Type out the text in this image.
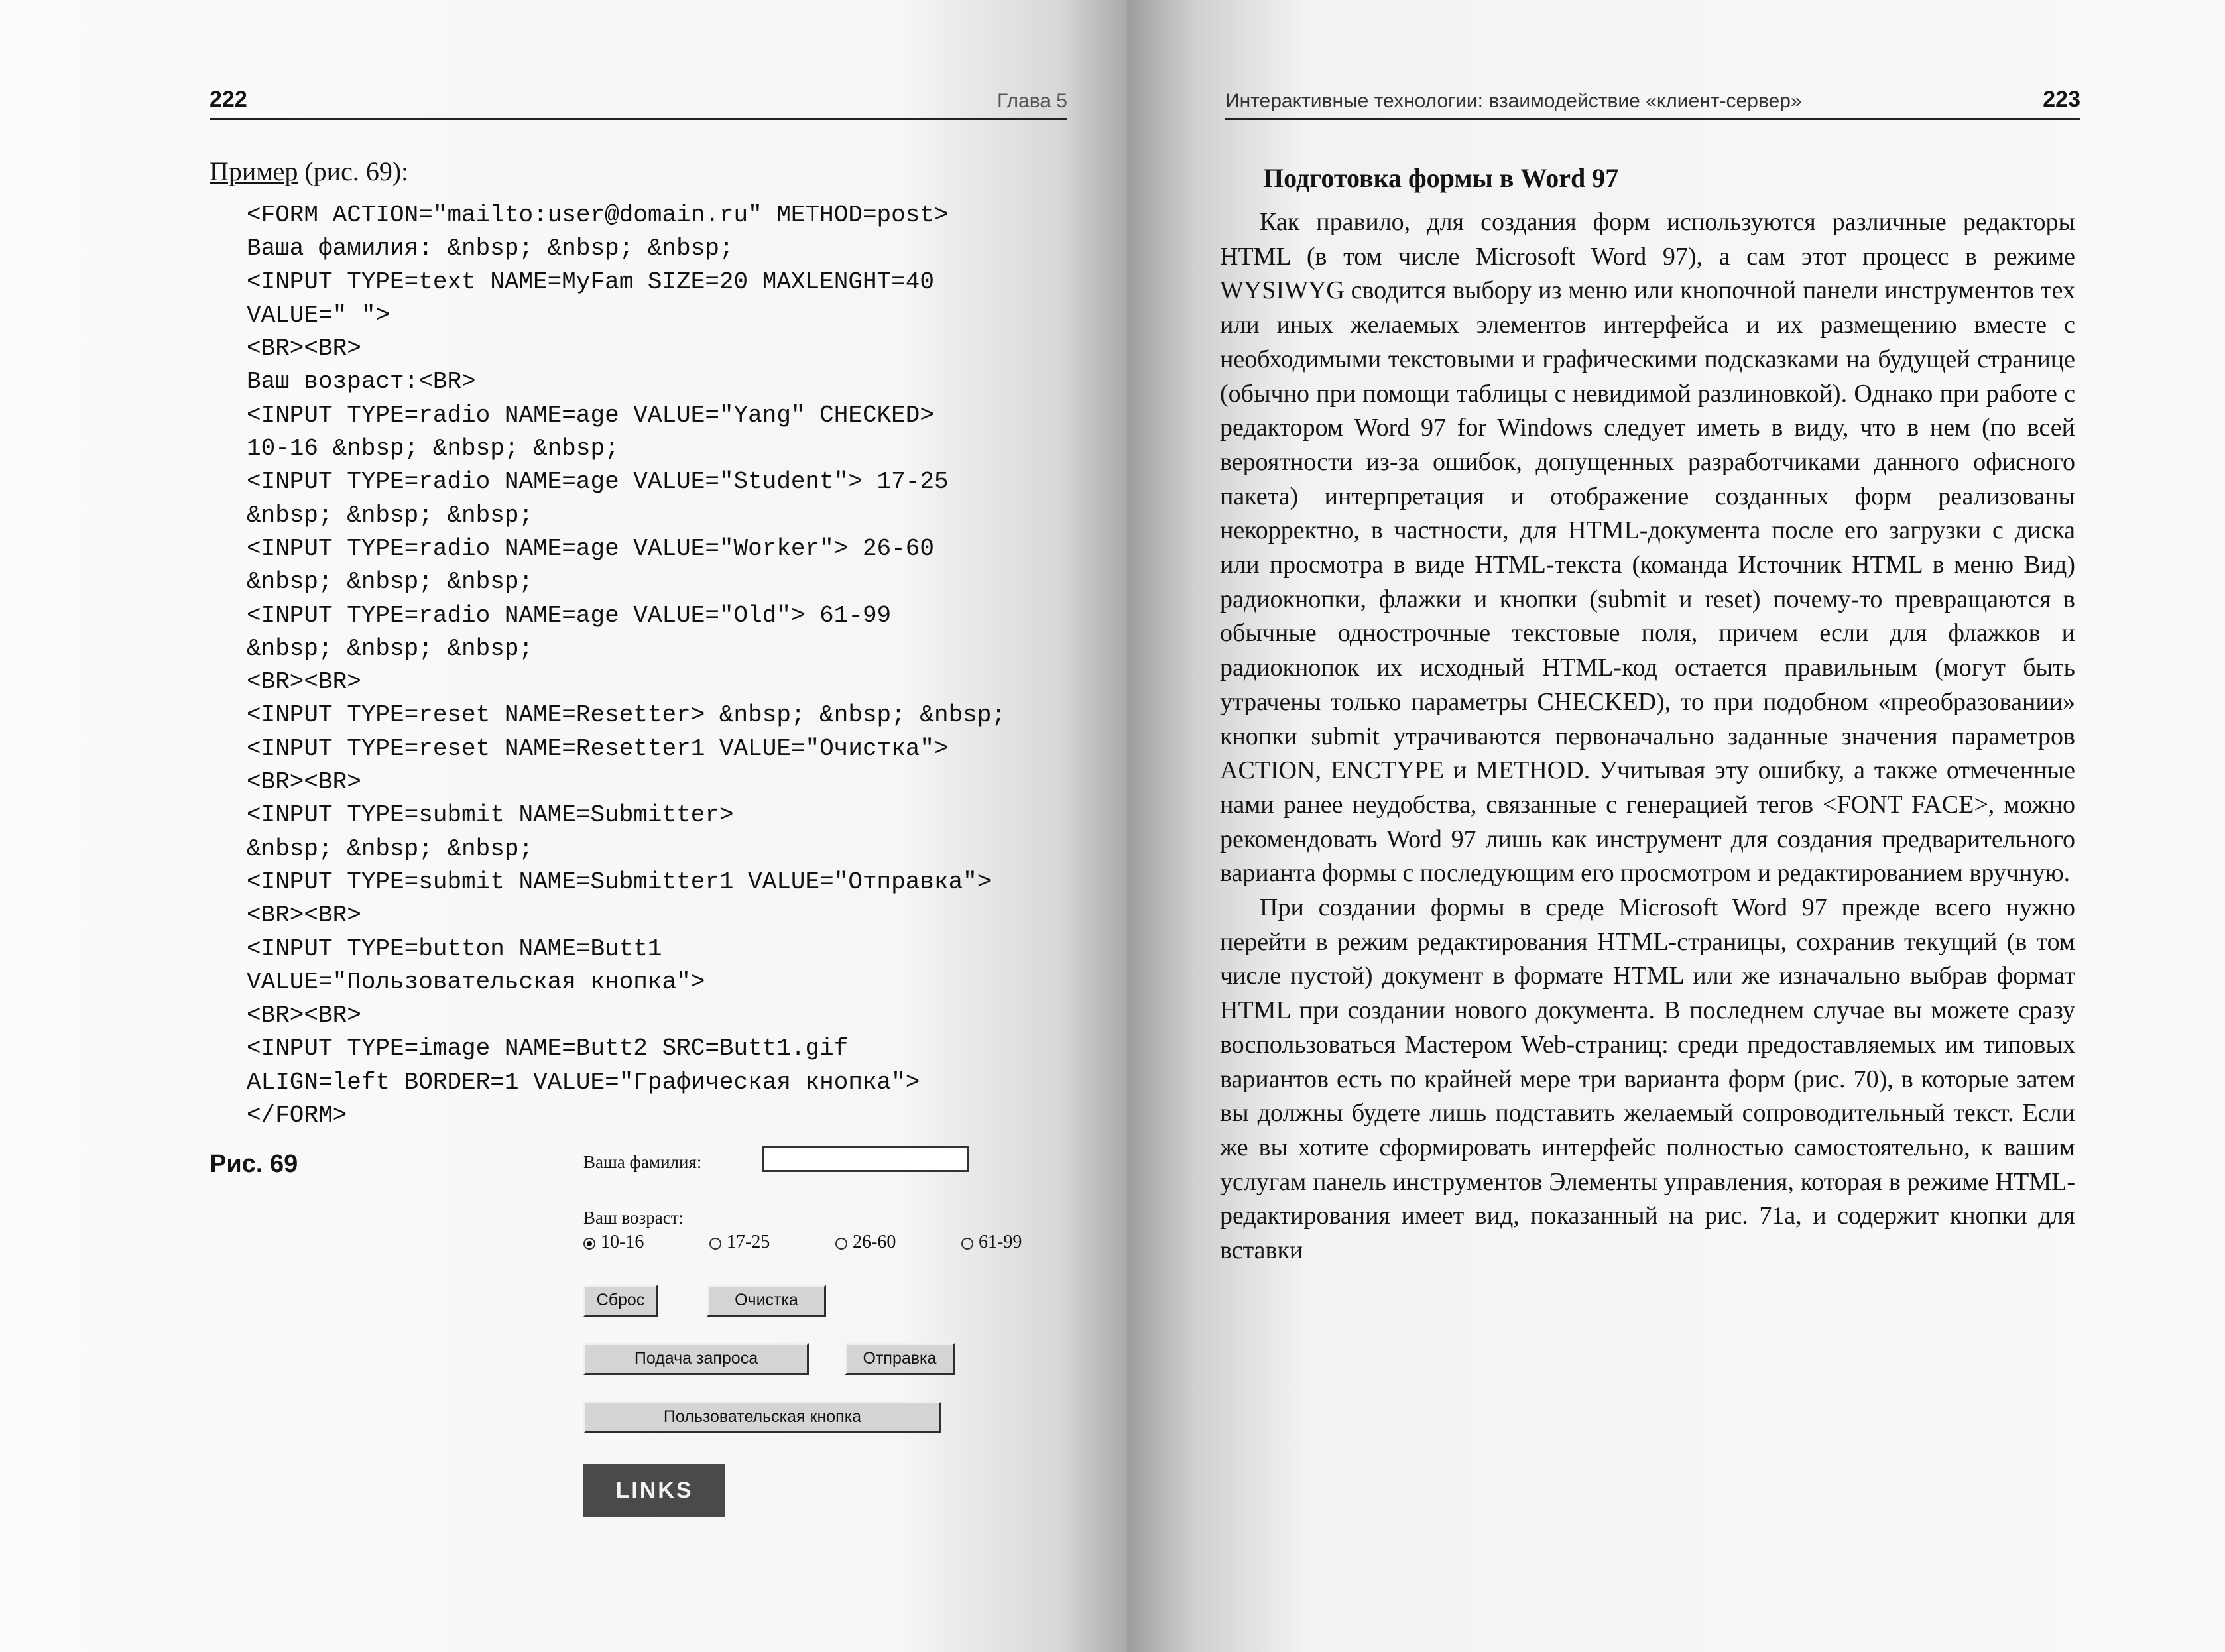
222	Глава 5
Пример (рис. 69):
<FORM ACTION="mailto:user@domain.ru" METHOD=post>
Ваша фамилия: &nbsp; &nbsp; &nbsp;
<INPUT TYPE=text NAME=MyFam SIZE=20 MAXLENGHT=40
VALUE=" ">
<BR><BR>
Ваш возраст:<BR>
<INPUT TYPE=radio NAME=age VALUE="Yang" CHECKED>
10-16 &nbsp; &nbsp; &nbsp;
<INPUT TYPE=radio NAME=age VALUE="Student"> 17-25
&nbsp; &nbsp; &nbsp;
<INPUT TYPE=radio NAME=age VALUE="Worker"> 26-60
&nbsp; &nbsp; &nbsp;
<INPUT TYPE=radio NAME=age VALUE="Old"> 61-99
&nbsp; &nbsp; &nbsp;
<BR><BR>
<INPUT TYPE=reset NAME=Resetter> &nbsp; &nbsp; &nbsp;
<INPUT TYPE=reset NAME=Resetter1 VALUE="Очистка">
<BR><BR>
<INPUT TYPE=submit NAME=Submitter>
&nbsp; &nbsp; &nbsp;
<INPUT TYPE=submit NAME=Submitter1 VALUE="Отправка">
<BR><BR>
<INPUT TYPE=button NAME=Butt1
VALUE="Пользовательская кнопка">
<BR><BR>
<INPUT TYPE=image NAME=Butt2 SRC=Butt1.gif
ALIGN=left BORDER=1 VALUE="Графическая кнопка">
</FORM>
Рис. 69	Ваша фамилия:
Ваш возраст:
10-16	17-25	26-60	61-99
Сброс	Очистка
Подача запроса	Отправка
Пользовательская кнопка
LINKS
Интерактивные технологии: взаимодействие «клиент-сервер»	223
Подготовка формы в Word 97

Как правило, для создания форм используются различные редакторы HTML (в том числе Microsoft Word 97), а сам этот процесс в режиме WYSIWYG сводится выбору из меню или кнопочной панели инструментов тех или иных желаемых элементов интерфейса и их размещению вместе с необходимыми текстовыми и графическими подсказками на будущей странице (обычно при помощи таблицы с невидимой разлиновкой). Однако при работе с редактором Word 97 for Windows следует иметь в виду, что в нем (по всей вероятности из-за ошибок, допущенных разработчиками данного офисного пакета) интерпретация и отображение созданных форм реализованы некорректно, в частности, для HTML-документа после его загрузки с диска или просмотра в виде HTML-текста (команда Источник HTML в меню Вид) радиокнопки, флажки и кнопки (submit и reset) почему-то превращаются в обычные однострочные текстовые поля, причем если для флажков и радиокнопок их исходный HTML-код остается правильным (могут быть утрачены только параметры CHECKED), то при подобном «преобразовании» кнопки submit утрачиваются первоначально заданные значения параметров ACTION, ENCTYPE и METHOD. Учитывая эту ошибку, а также отмеченные нами ранее неудобства, связанные с генерацией тегов <FONT FACE>, можно рекомендовать Word 97 лишь как инструмент для создания предварительного варианта формы с последующим его просмотром и редактированием вручную.

При создании формы в среде Microsoft Word 97 прежде всего нужно перейти в режим редактирования HTML-страницы, сохранив текущий (в том числе пустой) документ в формате HTML или же изначально выбрав формат HTML при создании нового документа. В последнем случае вы можете сразу воспользоваться Мастером Web-страниц: среди предоставляемых им типовых вариантов есть по крайней мере три варианта форм (рис. 70), в которые затем вы должны будете лишь подставить желаемый сопроводительный текст. Если же вы хотите сформировать интерфейс полностью самостоятельно, к вашим услугам панель инструментов Элементы управления, которая в режиме HTML-редактирования имеет вид, показанный на рис. 71а, и содержит кнопки для вставки
